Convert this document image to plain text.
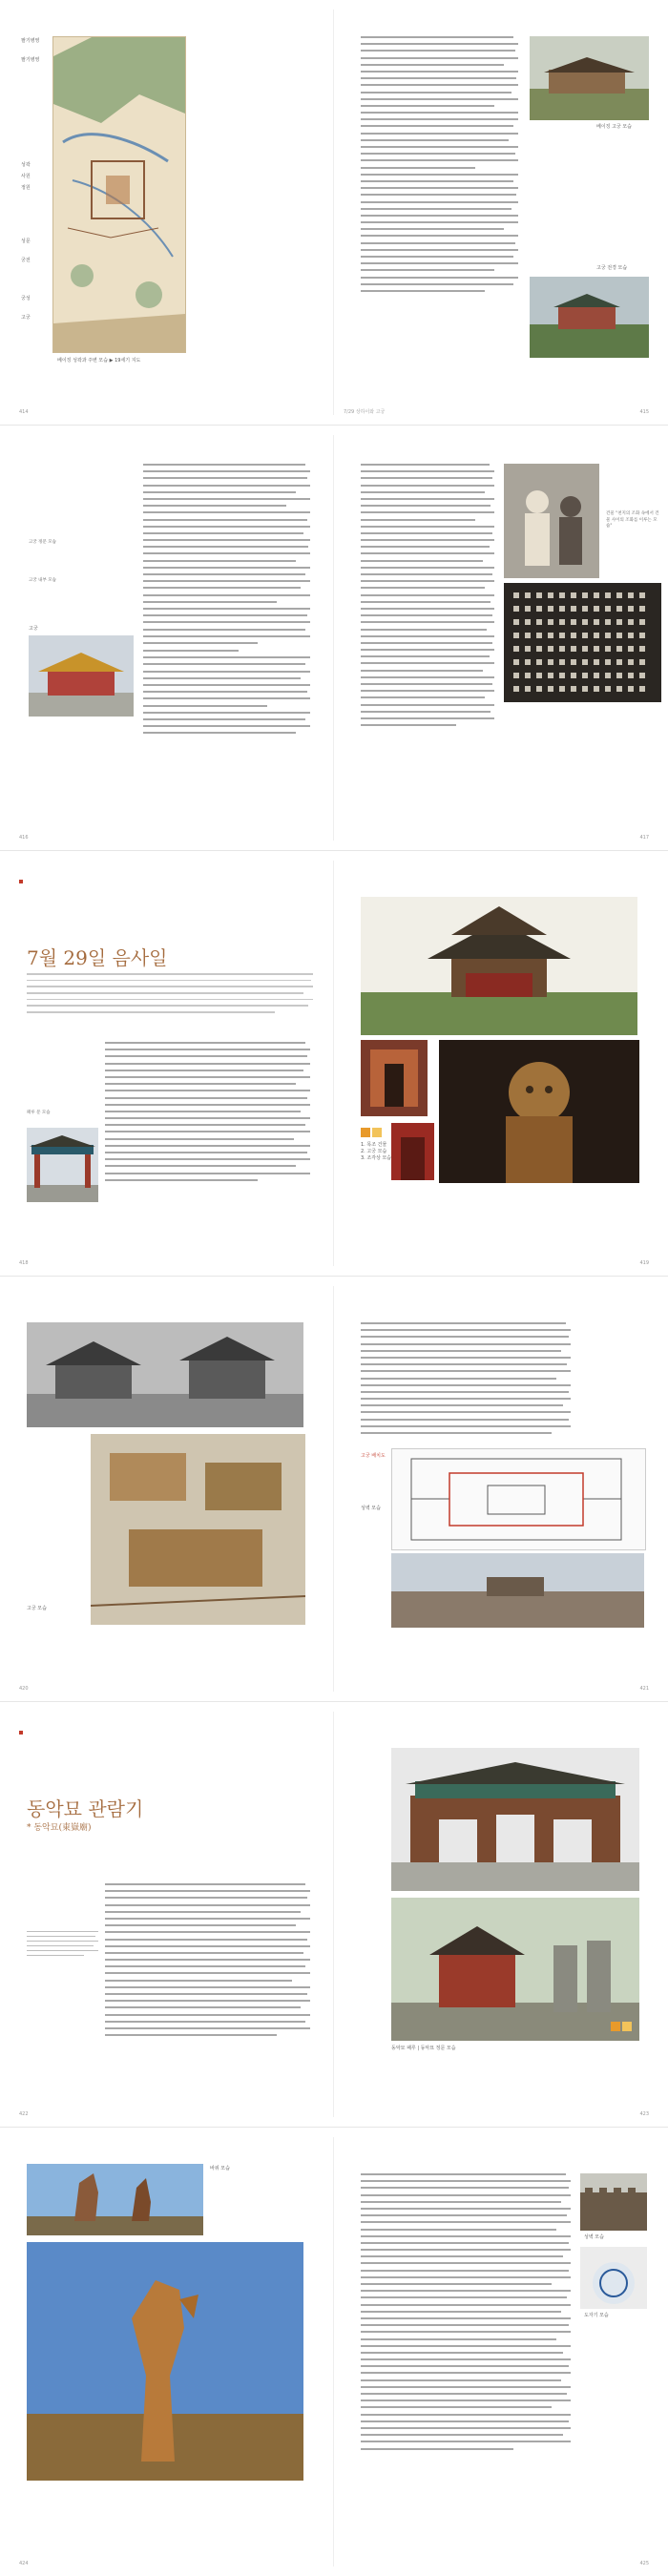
팔기병영
팔기병영
성곽
사원
정원
성문
궁전
궁성
고궁
베이징 성곽과 주변 모습 ▶ 19세기 지도
414
베이징 고궁 모습
고궁 전경 모습
7/29 상하이와 고궁	415
고궁 정문 모습
고궁 내부 모습
고궁
416
건물 "천지의 조화 속에서 건물 사이의 조화를 이루는 모습"
417
7월 29일 음사일
패루 문 모습
418
1. 목조 건물
2. 고궁 모습
3. 조각상 모습
419
고궁 모습
420
고궁 배치도
성벽 모습
421
동악묘 관람기
* 동악묘(東嶽廟)
422
동악묘 패루 | 동악묘 정문 모습
423
바위 모습
424
성벽 모습
도자기 모습
425
